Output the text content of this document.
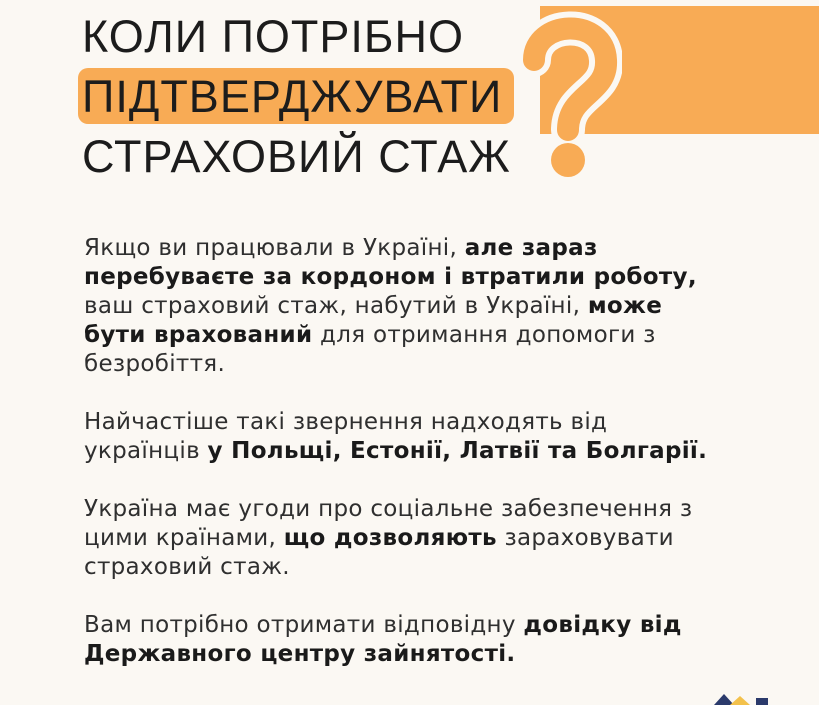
КОЛИ ПОТРІБНО
ПІДТВЕРДЖУВАТИ
СТРАХОВИЙ СТАЖ

Якщо ви працювали в Україні, але зараз перебуваєте за кордоном і втратили роботу, ваш страховий стаж, набутий в Україні, може бути врахований для отримання допомоги з безробіття.

Найчастіше такі звернення надходять від українців у Польщі, Естонії, Латвії та Болгарії.

Україна має угоди про соціальне забезпечення з цими країнами, що дозволяють зараховувати страховий стаж.

Вам потрібно отримати відповідну довідку від Державного центру зайнятості.
